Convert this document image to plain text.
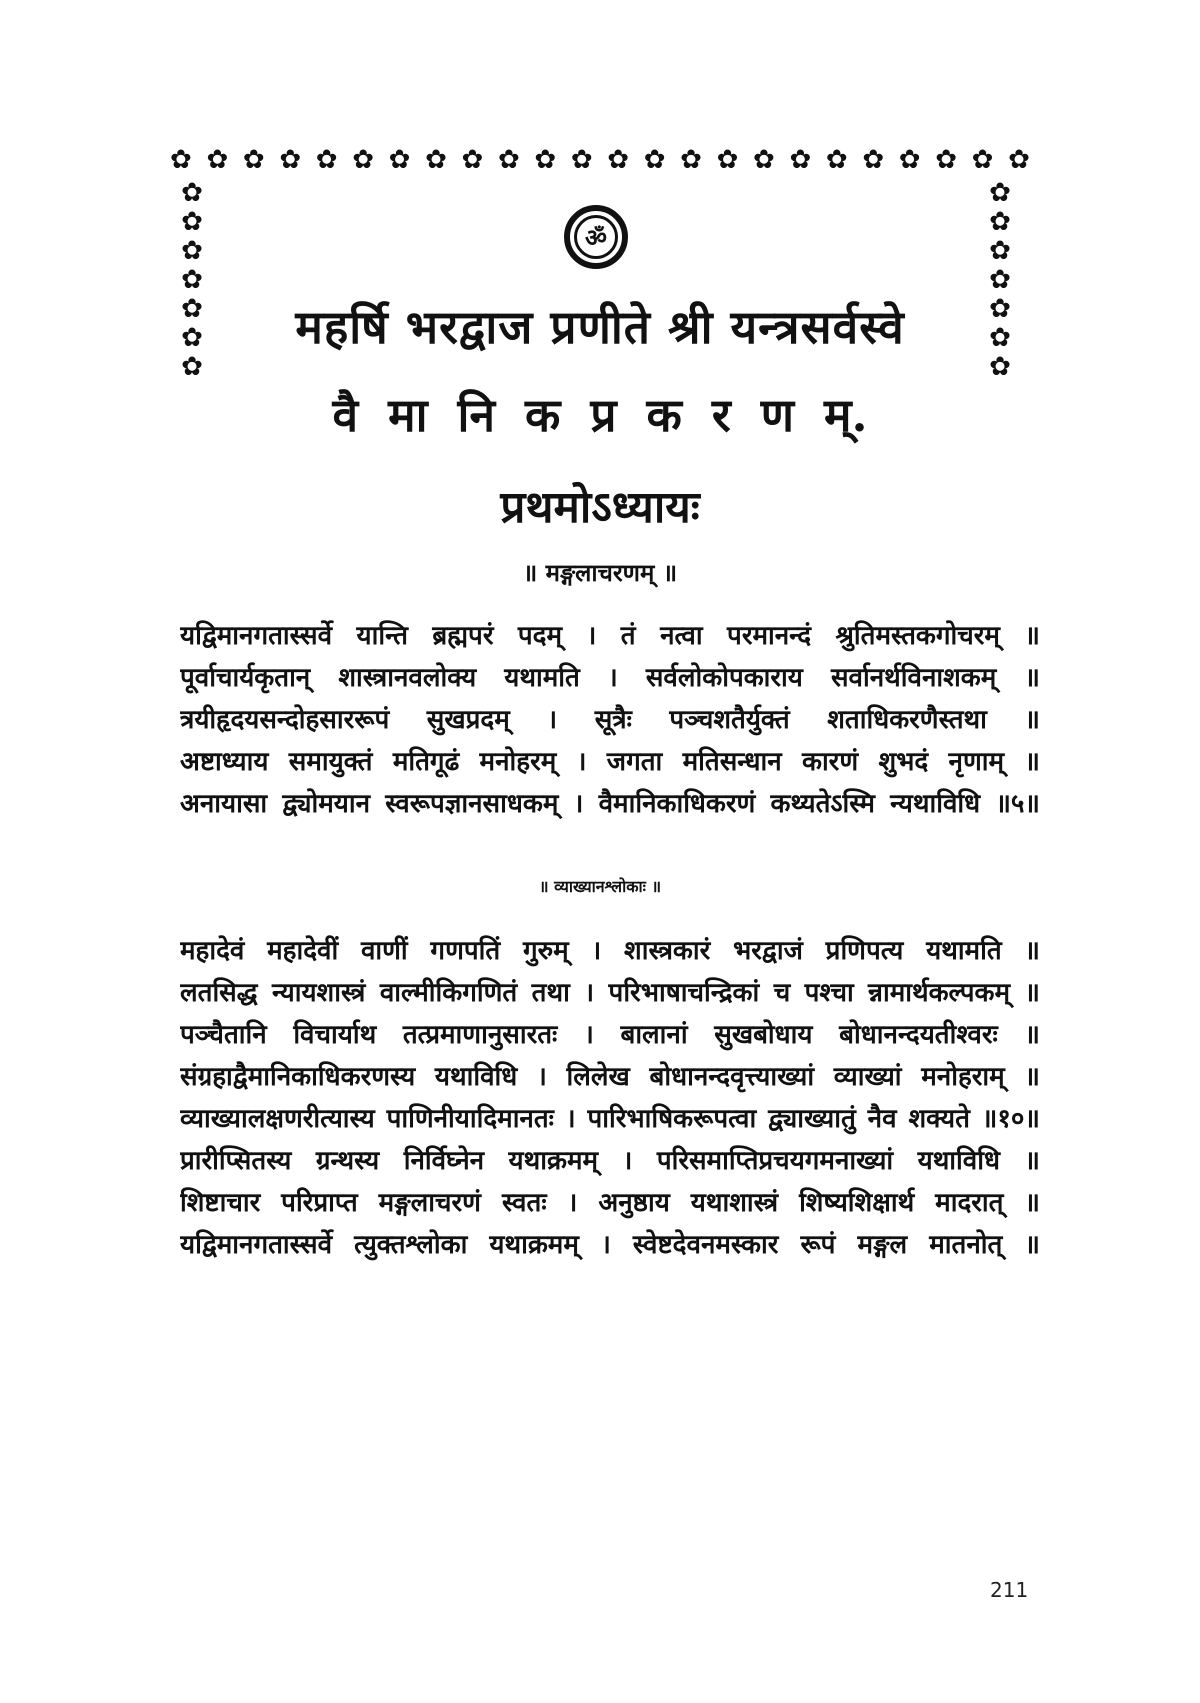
✿ ✿ ✿ ✿ ✿ ✿ ✿ ✿ ✿ ✿ ✿ ✿ ✿ ✿ ✿ ✿ ✿ ✿ ✿ ✿ ✿ ✿ ✿ ✿
✿
✿
✿
✿
✿
✿
✿
✿
✿
✿
✿
✿
✿
✿
ॐ
महर्षि भरद्वाज प्रणीते श्री यन्त्रसर्वस्वे
वै मा नि क प्र क र ण म्.
प्रथमोऽध्यायः
॥ मङ्गलाचरणम् ॥
यद्विमानगतास्सर्वे यान्ति ब्रह्मपरं पदम् । तं नत्वा परमानन्दं श्रुतिमस्तकगोचरम् ॥
पूर्वाचार्यकृतान् शास्त्रानवलोक्य यथामति । सर्वलोकोपकाराय सर्वानर्थविनाशकम् ॥
त्रयीहृदयसन्दोहसाररूपं सुखप्रदम् । सूत्रैः पञ्चशतैर्युक्तं शताधिकरणैस्तथा ॥
अष्टाध्याय समायुक्तं मतिगूढं मनोहरम् । जगता मतिसन्धान कारणं शुभदं नृणाम् ॥
अनायासा द्व्योमयान स्वरूपज्ञानसाधकम् । वैमानिकाधिकरणं कथ्यतेऽस्मि न्यथाविधि ॥५॥
॥ व्याख्यानश्लोकाः ॥
महादेवं महादेवीं वाणीं गणपतिं गुरुम् । शास्त्रकारं भरद्वाजं प्रणिपत्य यथामति ॥
लतसिद्ध न्यायशास्त्रं वाल्मीकिगणितं तथा । परिभाषाचन्द्रिकां च पश्चा न्नामार्थकल्पकम् ॥
पञ्चैतानि विचार्याथ तत्प्रमाणानुसारतः । बालानां सुखबोधाय बोधानन्दयतीश्वरः ॥
संग्रहाद्वैमानिकाधिकरणस्य यथाविधि । लिलेख बोधानन्दवृत्त्याख्यां व्याख्यां मनोहराम् ॥
व्याख्यालक्षणरीत्यास्य पाणिनीयादिमानतः । पारिभाषिकरूपत्वा द्व्याख्यातुं नैव शक्यते ॥१०॥
प्रारीप्सितस्य ग्रन्थस्य निर्विघ्नेन यथाक्रमम् । परिसमाप्तिप्रचयगमनाख्यां यथाविधि ॥
शिष्टाचार परिप्राप्त मङ्गलाचरणं स्वतः । अनुष्ठाय यथाशास्त्रं शिष्यशिक्षार्थ मादरात् ॥
यद्विमानगतास्सर्वे त्युक्तश्लोका यथाक्रमम् । स्वेष्टदेवनमस्कार रूपं मङ्गल मातनोत् ॥
211
